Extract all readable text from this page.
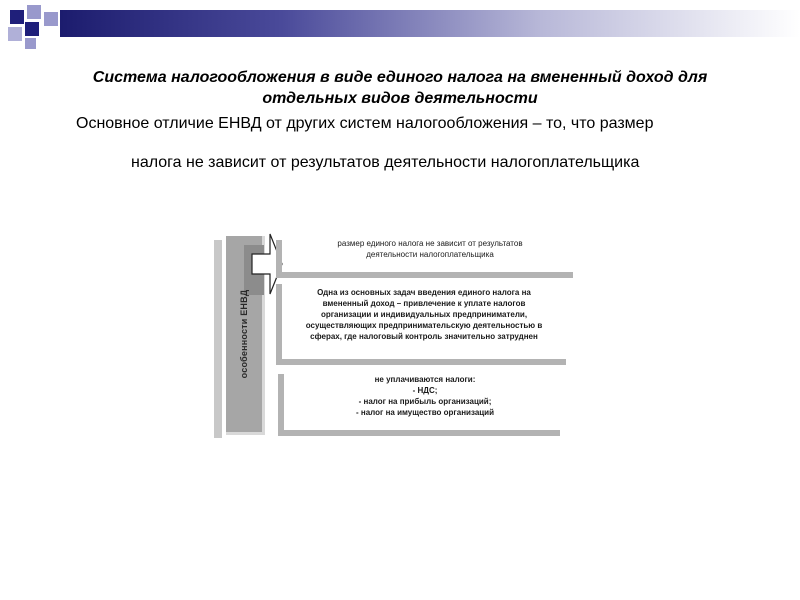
Система налогообложения в виде единого налога на вмененный доход для
отдельных видов деятельности
Основное отличие ЕНВД от других систем налогообложения – то, что размер
налога не зависит от результатов деятельности налогоплательщика
особенности ЕНВД
размер единого налога не зависит от результатов
деятельности налогоплательщика
Одна из основных задач введения единого налога на
вмененный доход – привлечение к уплате налогов
организации и индивидуальных предприниматели,
осуществляющих предпринимательскую деятельностью в
сферах, где налоговый контроль значительно затруднен
не уплачиваются налоги:
- НДС;
- налог на прибыль организаций;
- налог на имущество организаций
